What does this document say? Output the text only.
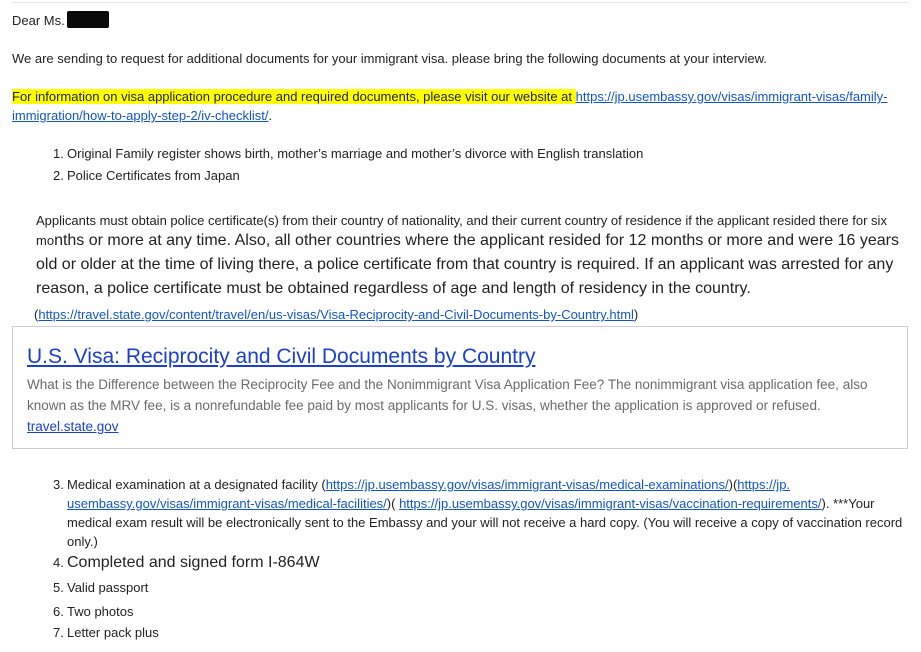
Dear Ms.
We are sending to request for additional documents for your immigrant visa. please bring the following documents at your interview.
For information on visa application procedure and required documents, please visit our website at https://jp.usembassy.gov/visas/immigrant-visas/family-
immigration/how-to-apply-step-2/iv-checklist/.
1. Original Family register shows birth, mother’s marriage and mother’s divorce with English translation
2. Police Certificates from Japan
Applicants must obtain police certificate(s) from their country of nationality, and their current country of residence if the applicant resided there for six
months or more at any time. Also, all other countries where the applicant resided for 12 months or more and were 16 years
old or older at the time of living there, a police certificate from that country is required. If an applicant was arrested for any
reason, a police certificate must be obtained regardless of age and length of residency in the country.
(https://travel.state.gov/content/travel/en/us-visas/Visa-Reciprocity-and-Civil-Documents-by-Country.html)
U.S. Visa: Reciprocity and Civil Documents by Country
What is the Difference between the Reciprocity Fee and the Nonimmigrant Visa Application Fee? The nonimmigrant visa application fee, also known as the MRV fee, is a nonrefundable fee paid by most applicants for U.S. visas, whether the application is approved or refused.
travel.state.gov
3. Medical examination at a designated facility (https://jp.usembassy.gov/visas/immigrant-visas/medical-examinations/)(https://jp.
usembassy.gov/visas/immigrant-visas/medical-facilities/)( https://jp.usembassy.gov/visas/immigrant-visas/vaccination-requirements/). ***Your
medical exam result will be electronically sent to the Embassy and your will not receive a hard copy. (You will receive a copy of vaccination record
only.)
4. Completed and signed form I-864W
5. Valid passport
6. Two photos
7. Letter pack plus
